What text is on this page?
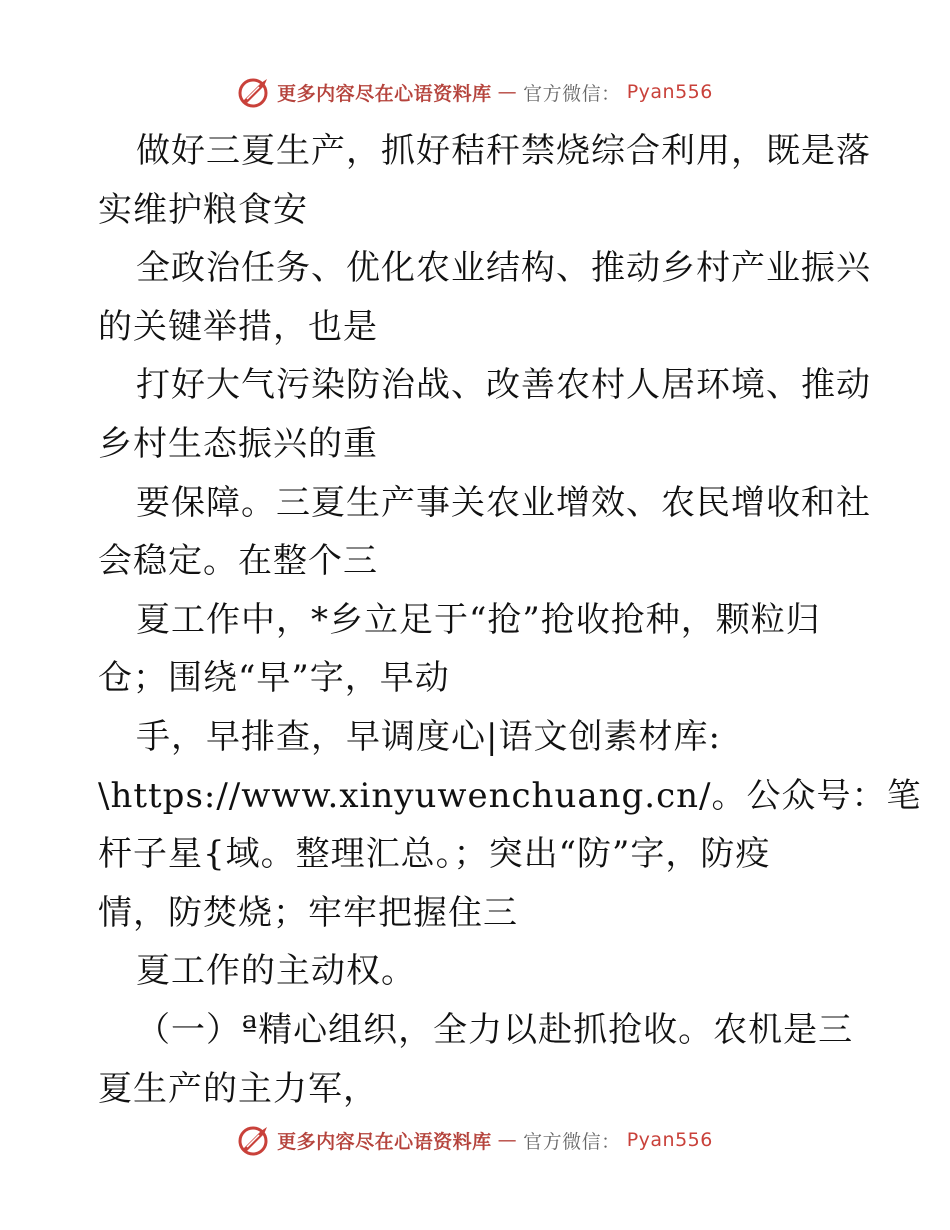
更多内容尽在心语资料库 — 官方微信： Pyan556
做好三夏生产，抓好秸秆禁烧综合利用，既是落
实维护粮食安
全政治任务、优化农业结构、推动乡村产业振兴
的关键举措，也是
打好大气污染防治战、改善农村人居环境、推动
乡村生态振兴的重
要保障。三夏生产事关农业增效、农民增收和社
会稳定。在整个三
夏工作中，*乡立足于“抢”抢收抢种，颗粒归
仓；围绕“早”字，早动
手，早排查，早调度心|语文创素材库:
\https://www.xinyuwenchuang.cn/。公众号：笔
杆子星{域。整理汇总。；突出“防”字，防疫
情，防焚烧；牢牢把握住三
夏工作的主动权。
（一）ª精心组织，全力以赴抓抢收。农机是三
夏生产的主力军，
更多内容尽在心语资料库 — 官方微信： Pyan556
